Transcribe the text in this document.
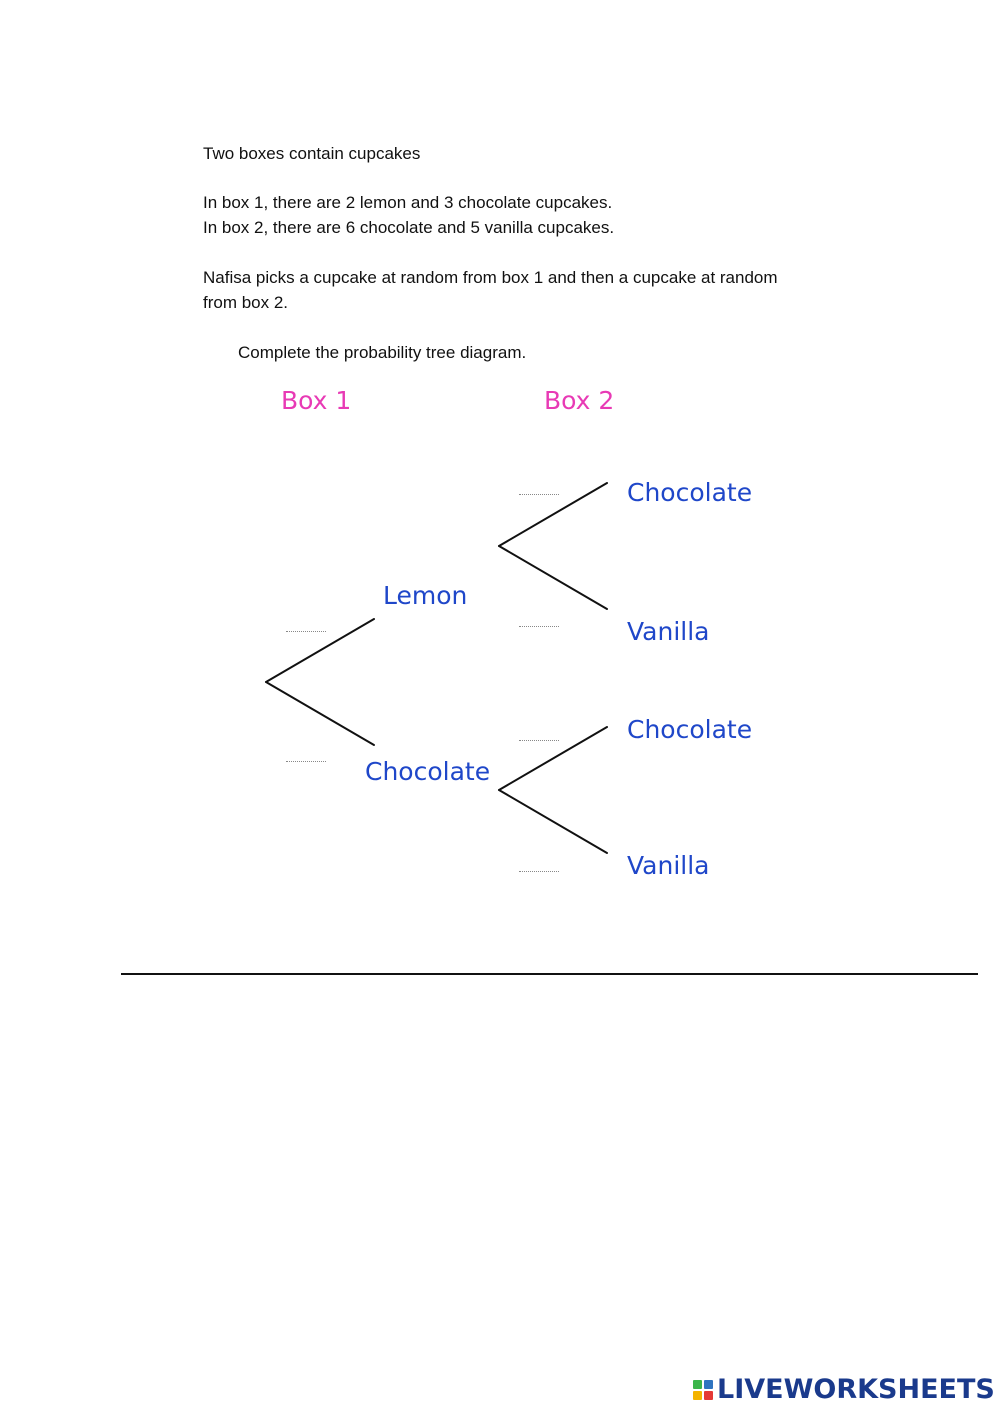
Two boxes contain cupcakes
In box 1, there are 2 lemon and 3 chocolate cupcakes.
In box 2, there are 6 chocolate and 5 vanilla cupcakes.
Nafisa picks a cupcake at random from box 1 and then a cupcake at random
from box 2.
Complete the probability tree diagram.
Box 1	Box 2
Lemon
Chocolate
Chocolate
Vanilla
Chocolate
Vanilla
LIVEWORKSHEETS
